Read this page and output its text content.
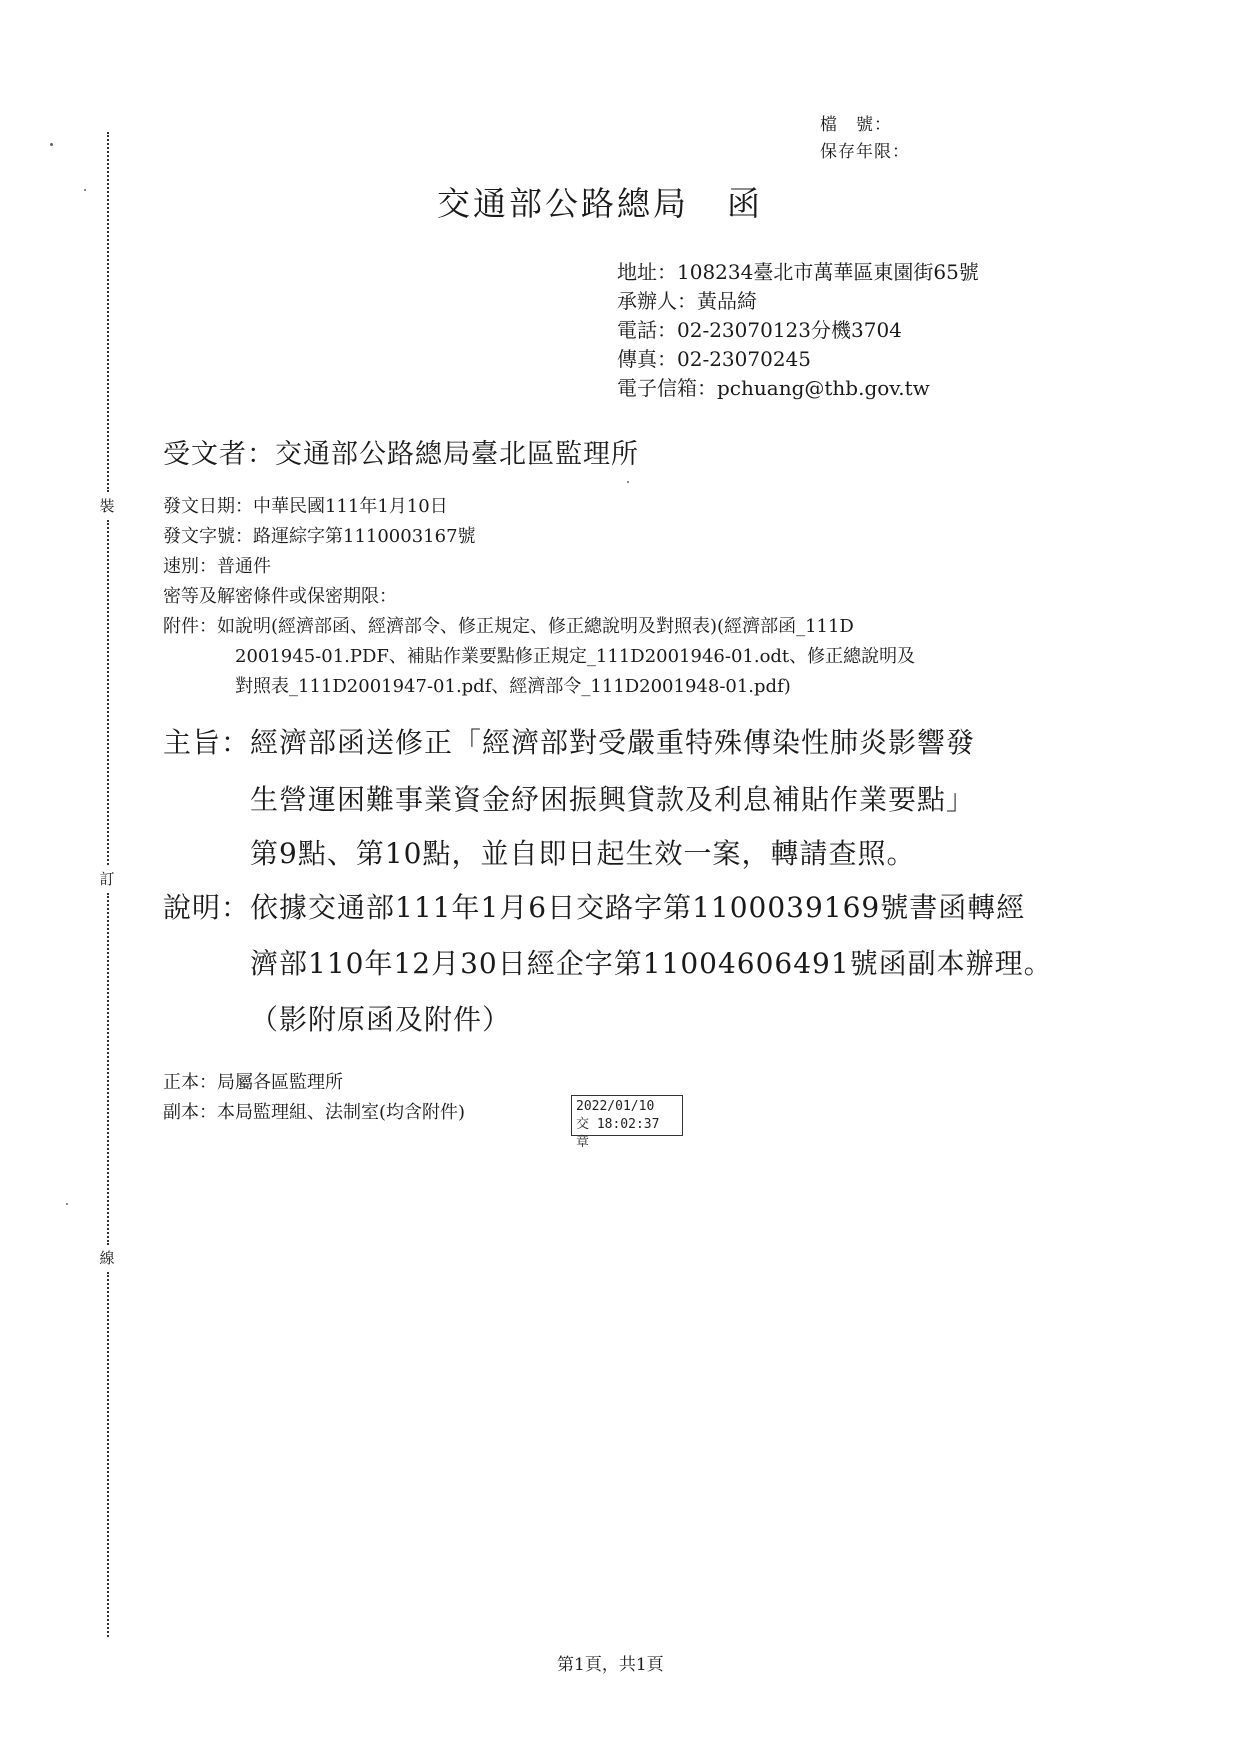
裝
訂
線
檔　號：
保存年限：
交通部公路總局 函
地址：108234臺北市萬華區東園街65號
承辦人：黃品綺
電話：02-23070123分機3704
傳真：02-23070245
電子信箱：pchuang@thb.gov.tw
受文者：交通部公路總局臺北區監理所
發文日期：中華民國111年1月10日
發文字號：路運綜字第1110003167號
速別：普通件
密等及解密條件或保密期限：
附件：如說明(經濟部函、經濟部令、修正規定、修正總說明及對照表)(經濟部函_111D
2001945-01.PDF、補貼作業要點修正規定_111D2001946-01.odt、修正總說明及
對照表_111D2001947-01.pdf、經濟部令_111D2001948-01.pdf)
主旨：經濟部函送修正「經濟部對受嚴重特殊傳染性肺炎影響發
生營運困難事業資金紓困振興貸款及利息補貼作業要點」
第9點、第10點，並自即日起生效一案，轉請查照。
說明：依據交通部111年1月6日交路字第1100039169號書函轉經
濟部110年12月30日經企字第11004606491號函副本辦理。
（影附原函及附件）
正本：局屬各區監理所
副本：本局監理組、法制室(均含附件)	2022/01/10
交 18:02:37 章
第1頁，共1頁
